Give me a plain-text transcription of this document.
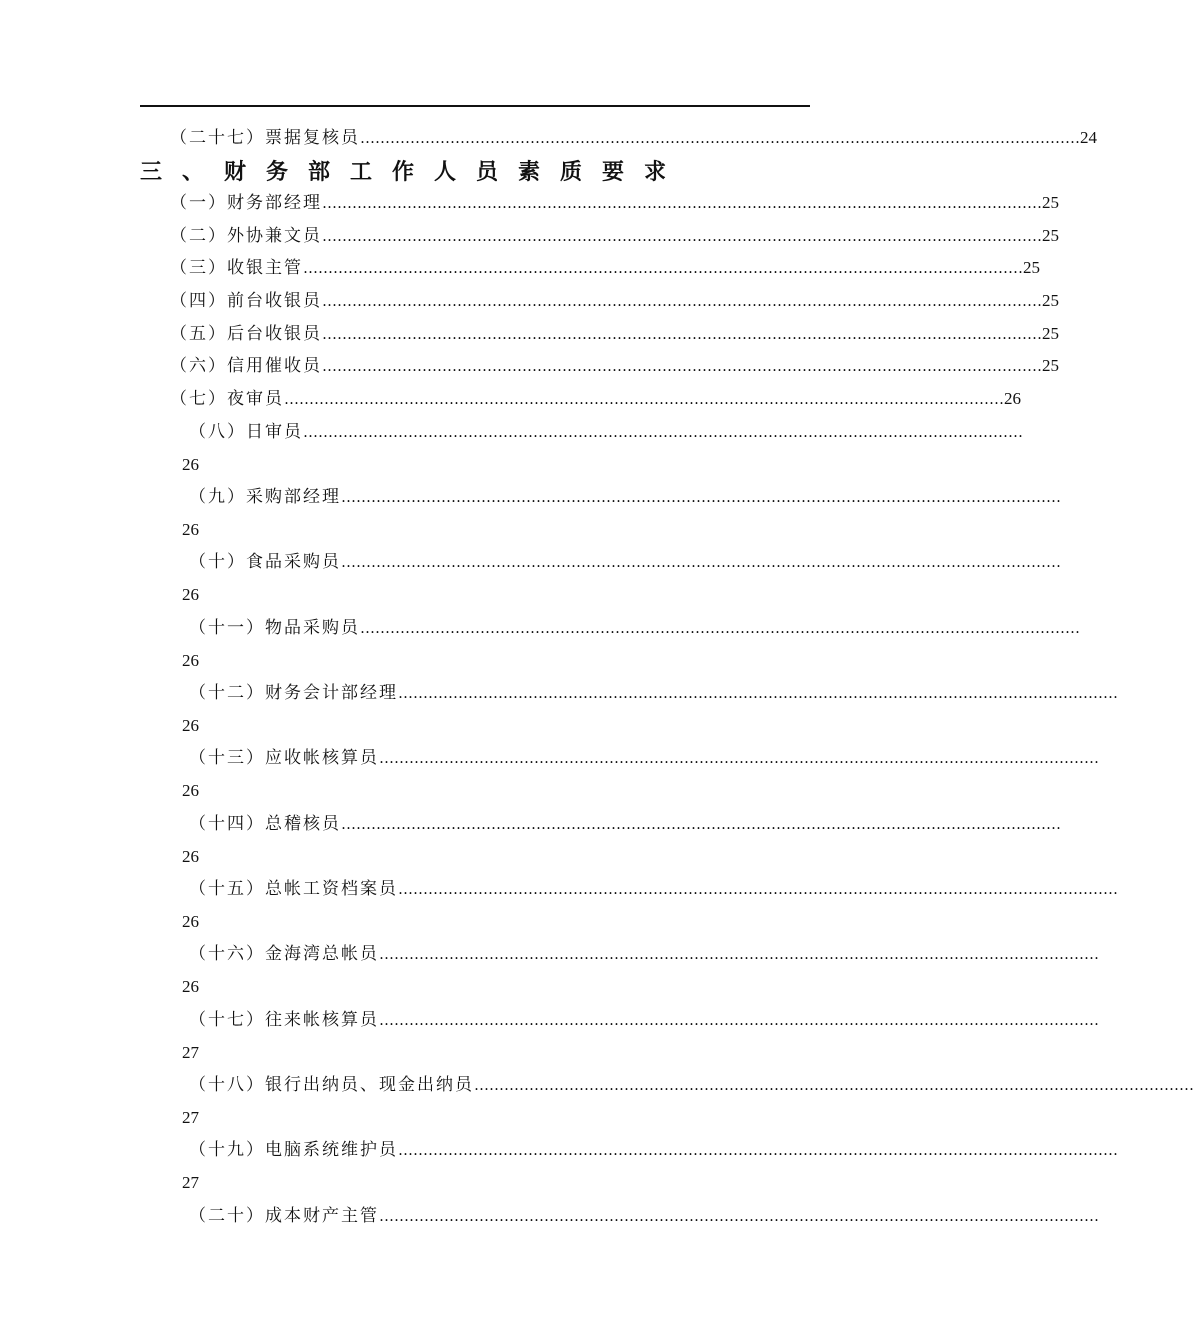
（二十七）票据复核员 ……………………………………………………………………………………………………………………………… 24
三、财务部工作人员素质要求
（一）财务部经理 ……………………………………………………………………………………………………………………………… 25
（二）外协兼文员 ……………………………………………………………………………………………………………………………… 25
（三）收银主管 ……………………………………………………………………………………………………………………………… 25
（四）前台收银员 ……………………………………………………………………………………………………………………………… 25
（五）后台收银员 ……………………………………………………………………………………………………………………………… 25
（六）信用催收员 ……………………………………………………………………………………………………………………………… 25
（七）夜审员 ……………………………………………………………………………………………………………………………… 26
（八）日审员 ………………………………………………………………………………………………………………………………
26
（九）采购部经理 ………………………………………………………………………………………………………………………………
26
（十）食品采购员 ………………………………………………………………………………………………………………………………
26
（十一）物品采购员 ………………………………………………………………………………………………………………………………
26
（十二）财务会计部经理 ………………………………………………………………………………………………………………………………
26
（十三）应收帐核算员 ………………………………………………………………………………………………………………………………
26
（十四）总稽核员 ………………………………………………………………………………………………………………………………
26
（十五）总帐工资档案员 ………………………………………………………………………………………………………………………………
26
（十六）金海湾总帐员 ………………………………………………………………………………………………………………………………
26
（十七）往来帐核算员 ………………………………………………………………………………………………………………………………
27
（十八）银行出纳员、现金出纳员 ………………………………………………………………………………………………………………………………
27
（十九）电脑系统维护员 ………………………………………………………………………………………………………………………………
27
（二十）成本财产主管 ………………………………………………………………………………………………………………………………
